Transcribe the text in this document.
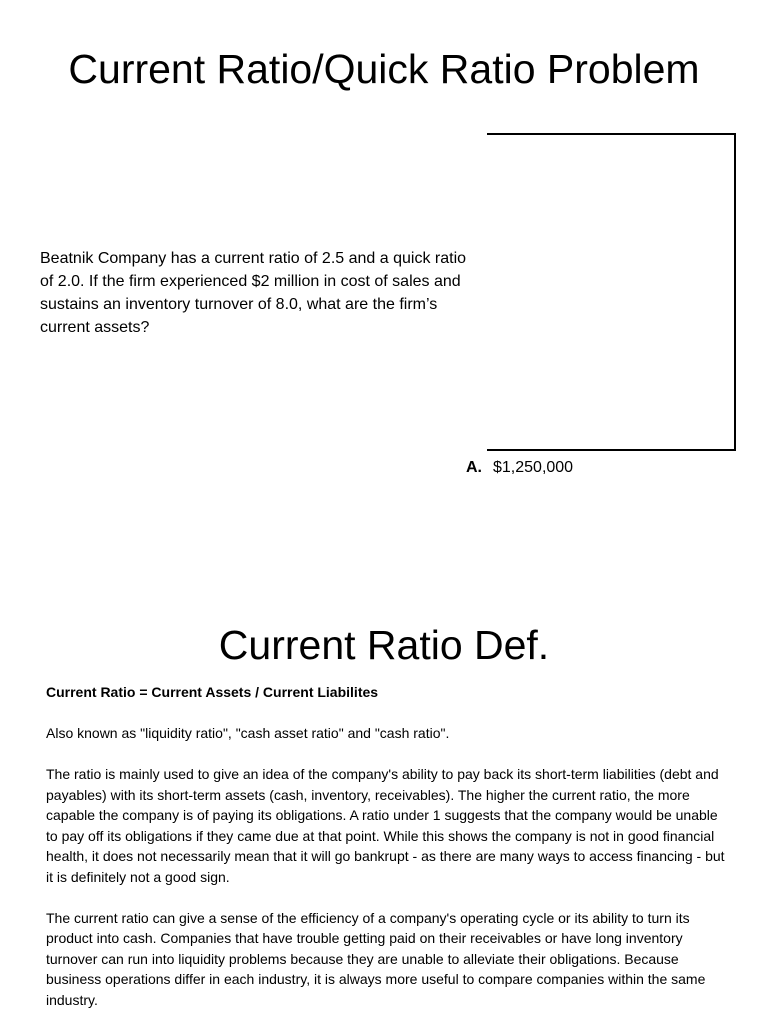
Current Ratio/Quick Ratio Problem

Beatnik Company has a current ratio of 2.5 and a quick ratio of 2.0. If the firm experienced $2 million in cost of sales and sustains an inventory turnover of 8.0, what are the firm’s current assets?

A. $1,250,000
Current Ratio Def.

Current Ratio = Current Assets / Current Liabilites

Also known as "liquidity ratio", "cash asset ratio" and "cash ratio".

The ratio is mainly used to give an idea of the company's ability to pay back its short-term liabilities (debt and payables) with its short-term assets (cash, inventory, receivables). The higher the current ratio, the more capable the company is of paying its obligations. A ratio under 1 suggests that the company would be unable to pay off its obligations if they came due at that point. While this shows the company is not in good financial health, it does not necessarily mean that it will go bankrupt - as there are many ways to access financing - but it is definitely not a good sign.

The current ratio can give a sense of the efficiency of a company's operating cycle or its ability to turn its product into cash. Companies that have trouble getting paid on their receivables or have long inventory turnover can run into liquidity problems because they are unable to alleviate their obligations. Because business operations differ in each industry, it is always more useful to compare companies within the same industry.
